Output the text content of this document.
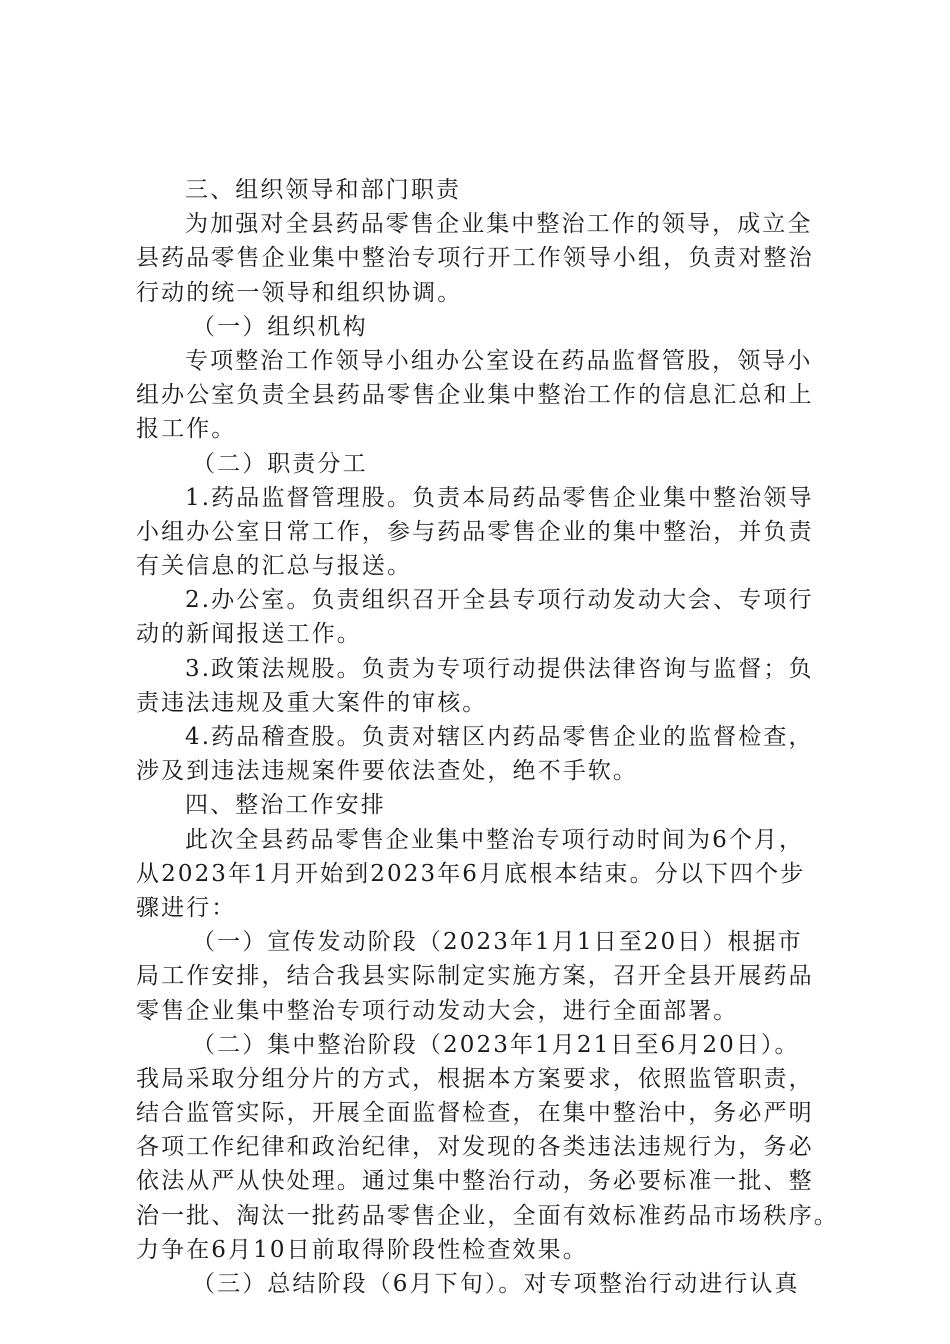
三、组织领导和部门职责
为加强对全县药品零售企业集中整治工作的领导，成立全
县药品零售企业集中整治专项行开工作领导小组，负责对整治
行动的统一领导和组织协调。
（一）组织机构
专项整治工作领导小组办公室设在药品监督管股，领导小
组办公室负责全县药品零售企业集中整治工作的信息汇总和上
报工作。
（二）职责分工
1.药品监督管理股。负责本局药品零售企业集中整治领导
小组办公室日常工作，参与药品零售企业的集中整治，并负责
有关信息的汇总与报送。
2.办公室。负责组织召开全县专项行动发动大会、专项行
动的新闻报送工作。
3.政策法规股。负责为专项行动提供法律咨询与监督；负
责违法违规及重大案件的审核。
4.药品稽查股。负责对辖区内药品零售企业的监督检查，
涉及到违法违规案件要依法查处，绝不手软。
四、整治工作安排
此次全县药品零售企业集中整治专项行动时间为6个月，
从2023年1月开始到2023年6月底根本结束。分以下四个步
骤进行：
（一）宣传发动阶段（2023年1月1日至20日）根据市
局工作安排，结合我县实际制定实施方案，召开全县开展药品
零售企业集中整治专项行动发动大会，进行全面部署。
（二）集中整治阶段（2023年1月21日至6月20日）。
我局采取分组分片的方式，根据本方案要求，依照监管职责，
结合监管实际，开展全面监督检查，在集中整治中，务必严明
各项工作纪律和政治纪律，对发现的各类违法违规行为，务必
依法从严从快处理。通过集中整治行动，务必要标准一批、整
治一批、淘汰一批药品零售企业，全面有效标准药品市场秩序。
力争在6月10日前取得阶段性检查效果。
（三）总结阶段（6月下旬）。对专项整治行动进行认真
